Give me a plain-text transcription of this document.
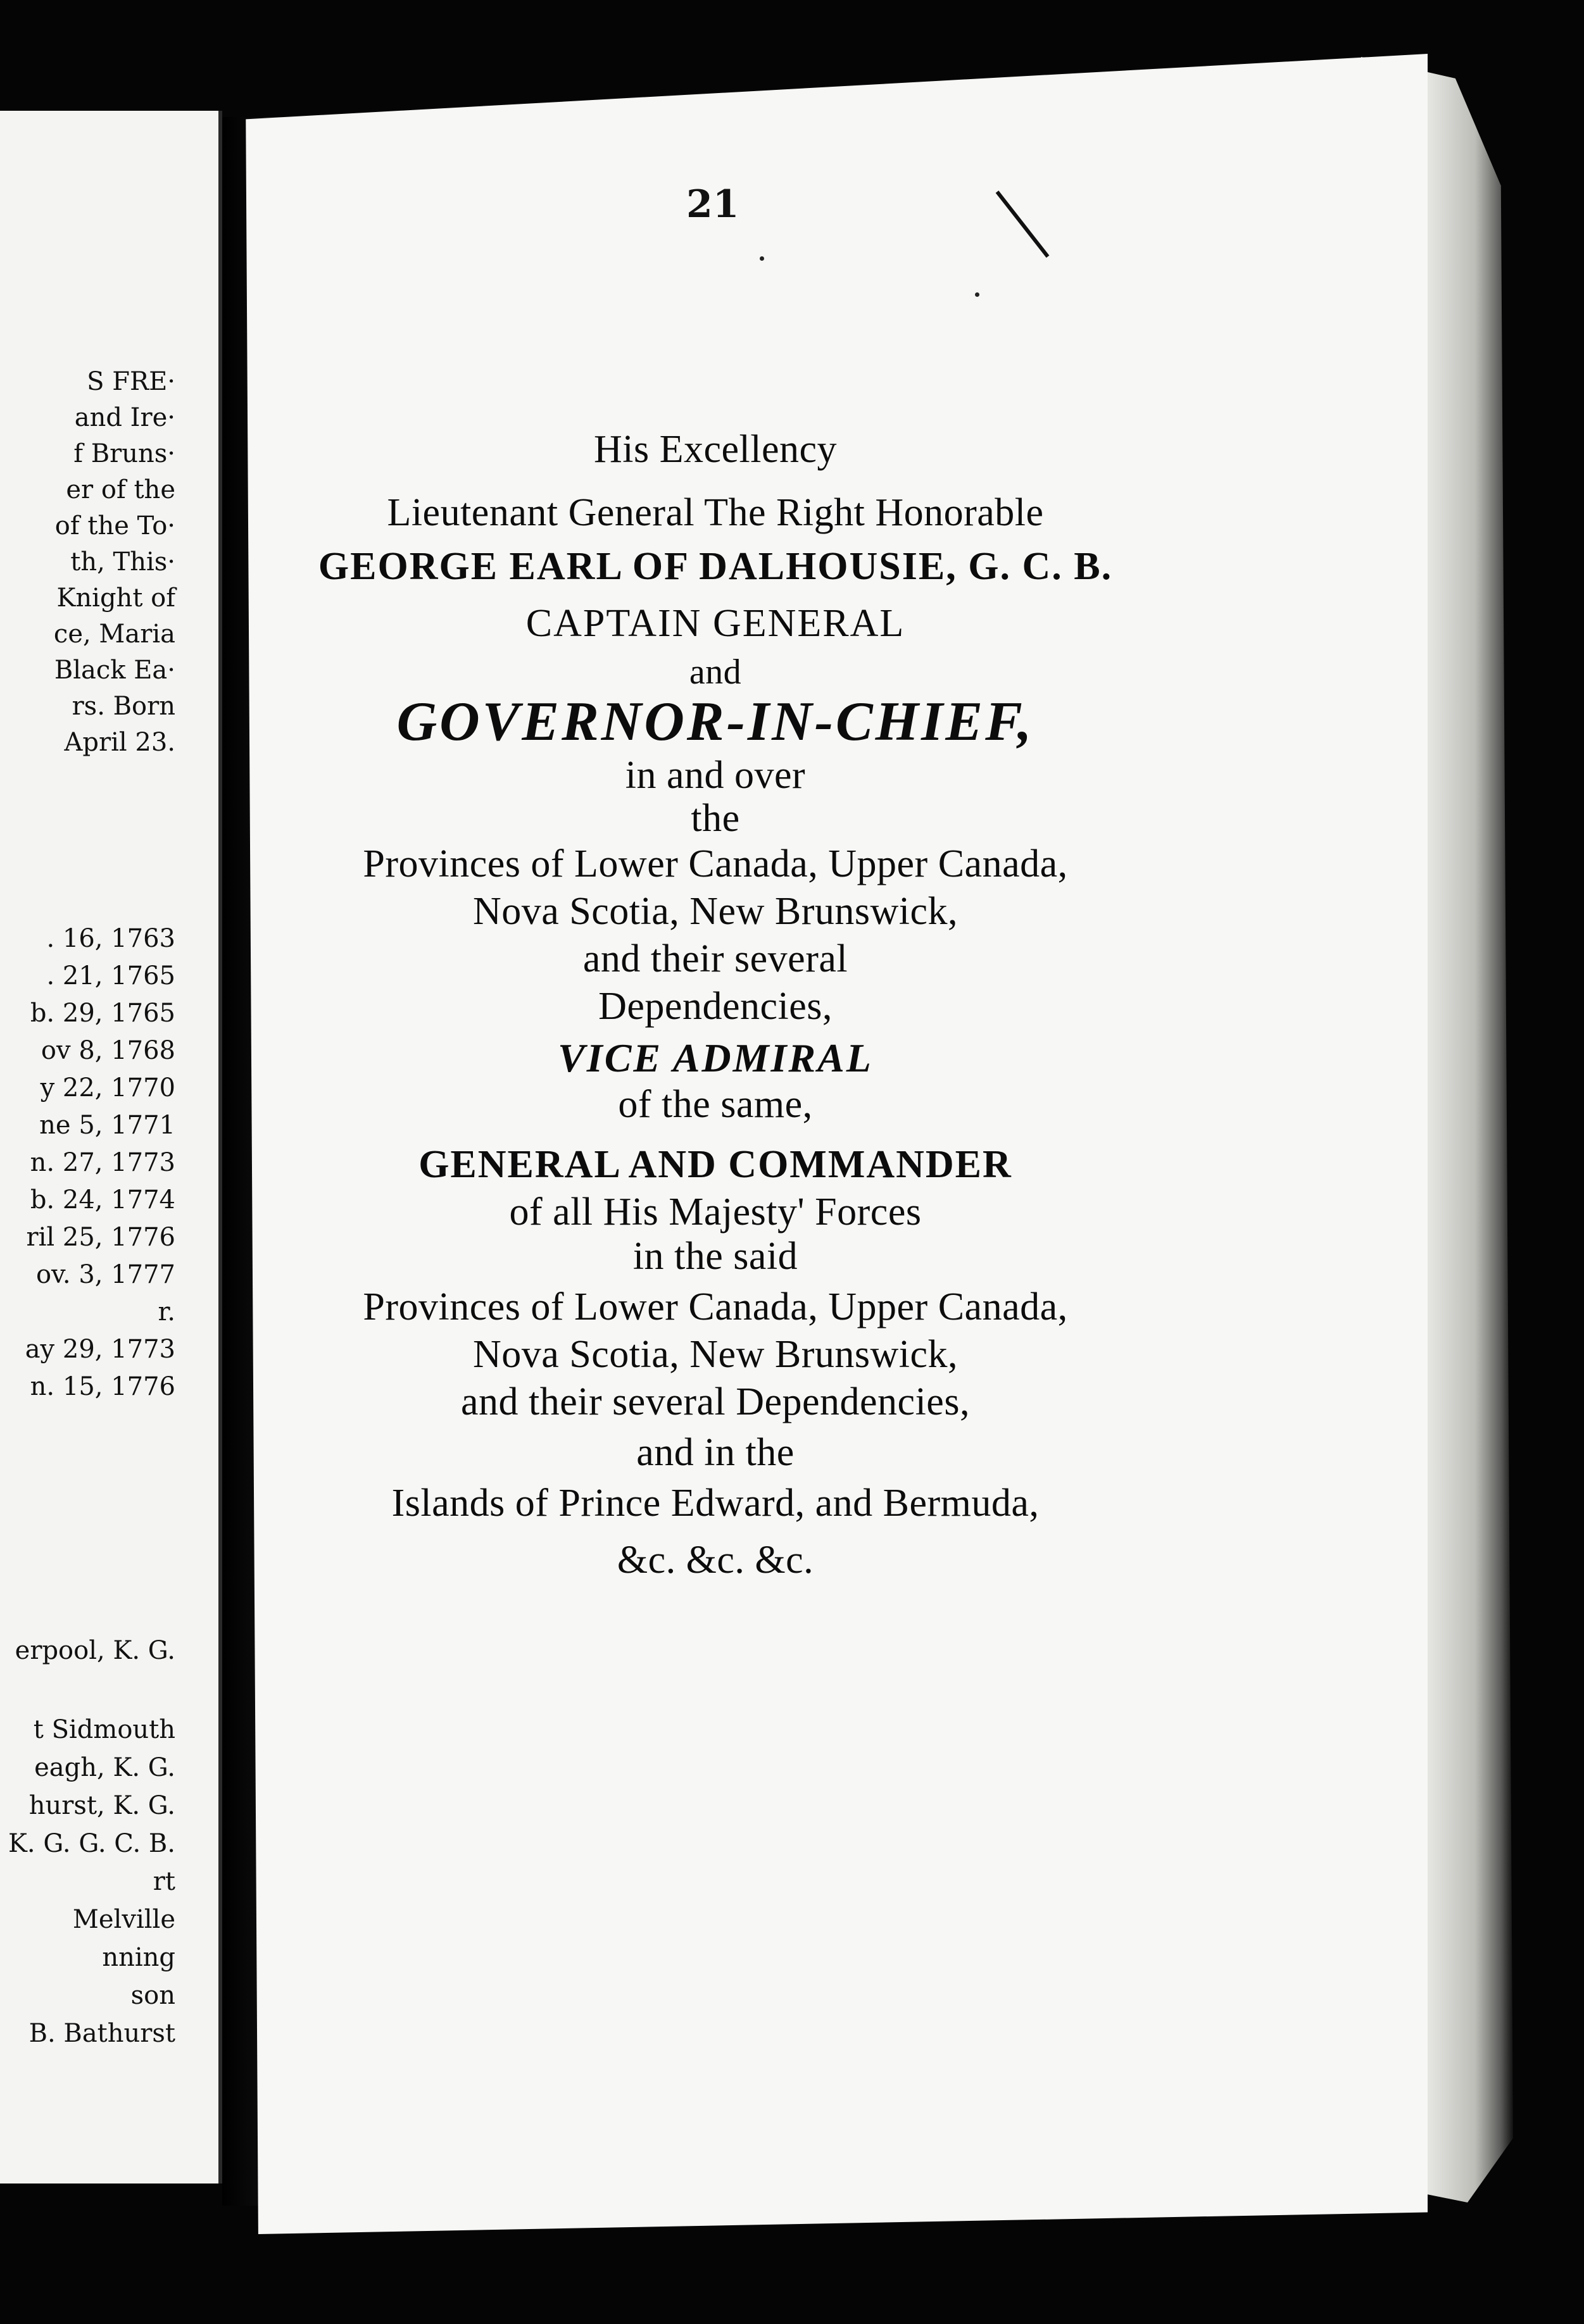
S FRE·
and Ire·
f Bruns·
er of the
of the To·
th, This·
Knight of
ce, Maria
Black Ea·
rs. Born
April 23.
. 16, 1763
. 21, 1765
b. 29, 1765
ov 8, 1768
y 22, 1770
ne 5, 1771
n. 27, 1773
b. 24, 1774
ril 25, 1776
ov. 3, 1777
r.
ay 29, 1773
n. 15, 1776
erpool, K. G.
t Sidmouth
eagh, K. G.
hurst, K. G.
K. G. G. C. B.
rt
Melville
nning
son
B. Bathurst
21
His Excellency
Lieutenant General The Right Honorable
GEORGE EARL OF DALHOUSIE, G. C. B.
CAPTAIN GENERAL
and
GOVERNOR-IN-CHIEF,
in and over
the
Provinces of Lower Canada, Upper Canada,
Nova Scotia, New Brunswick,
and their several
Dependencies,
VICE ADMIRAL
of the same,
GENERAL AND COMMANDER
of all His Majesty' Forces
in the said
Provinces of Lower Canada, Upper Canada,
Nova Scotia, New Brunswick,
and their several Dependencies,
and in the
Islands of Prince Edward, and Bermuda,
&c. &c. &c.
